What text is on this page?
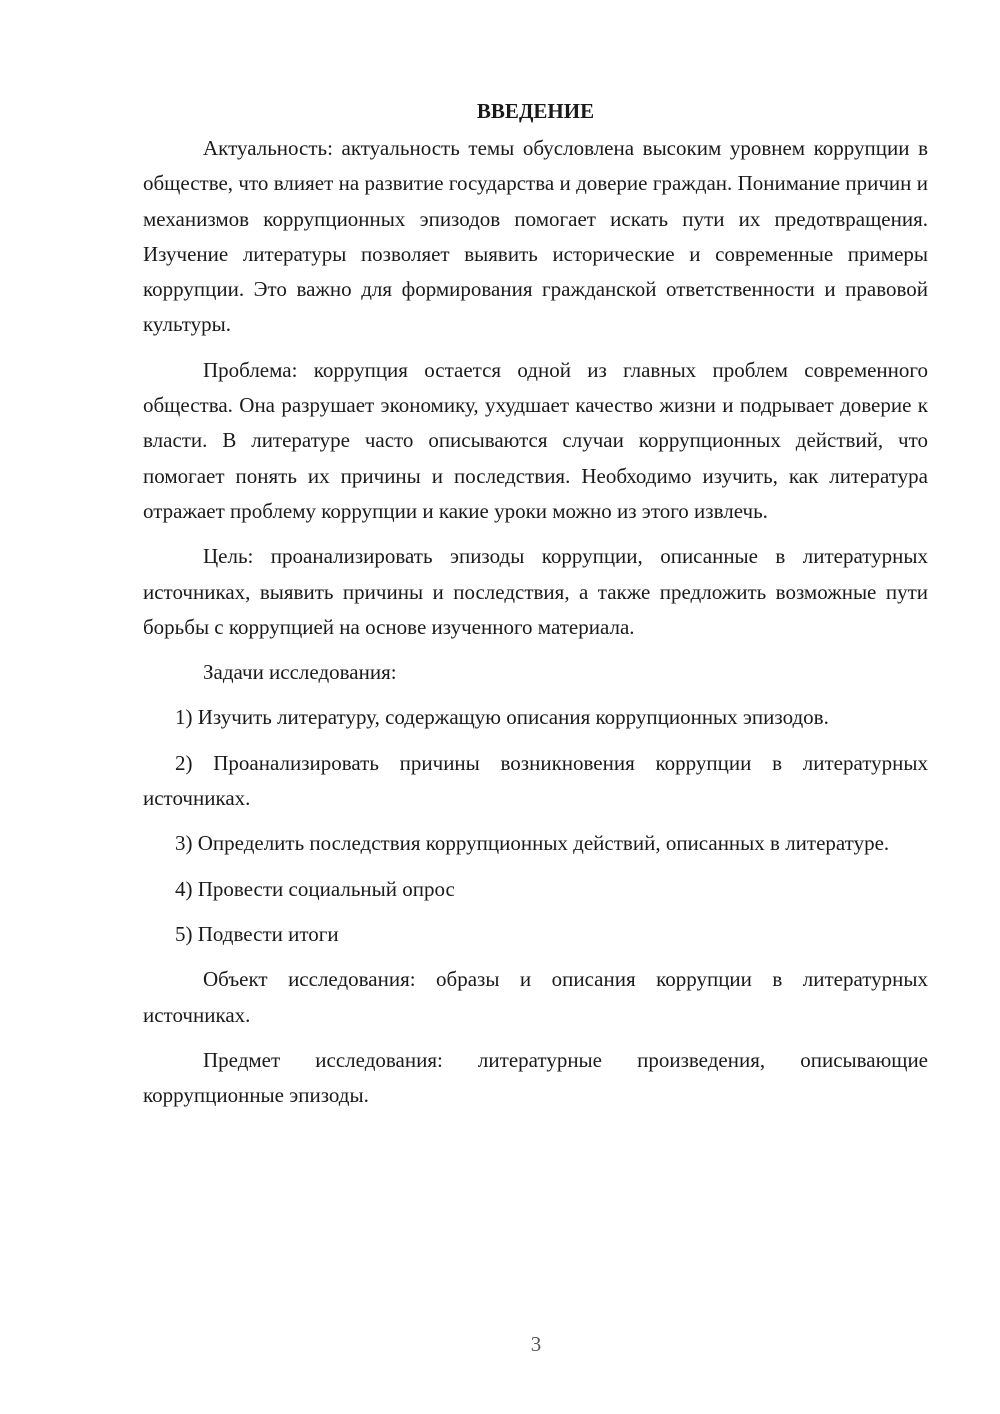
ВВЕДЕНИЕ

Актуальность: актуальность темы обусловлена высоким уровнем коррупции в обществе, что влияет на развитие государства и доверие граждан. Понимание причин и механизмов коррупционных эпизодов помогает искать пути их предотвращения. Изучение литературы позволяет выявить исторические и современные примеры коррупции. Это важно для формирования гражданской ответственности и правовой культуры.

Проблема: коррупция остается одной из главных проблем современного общества. Она разрушает экономику, ухудшает качество жизни и подрывает доверие к власти. В литературе часто описываются случаи коррупционных действий, что помогает понять их причины и последствия. Необходимо изучить, как литература отражает проблему коррупции и какие уроки можно из этого извлечь.

Цель: проанализировать эпизоды коррупции, описанные в литературных источниках, выявить причины и последствия, а также предложить возможные пути борьбы с коррупцией на основе изученного материала.

Задачи исследования:

1) Изучить литературу, содержащую описания коррупционных эпизодов.

2) Проанализировать причины возникновения коррупции в литературных источниках.

3) Определить последствия коррупционных действий, описанных в литературе.

4) Провести социальный опрос

5) Подвести итоги

Объект исследования: образы и описания коррупции в литературных источниках.

Предмет исследования: литературные произведения, описывающие коррупционные эпизоды.

3
